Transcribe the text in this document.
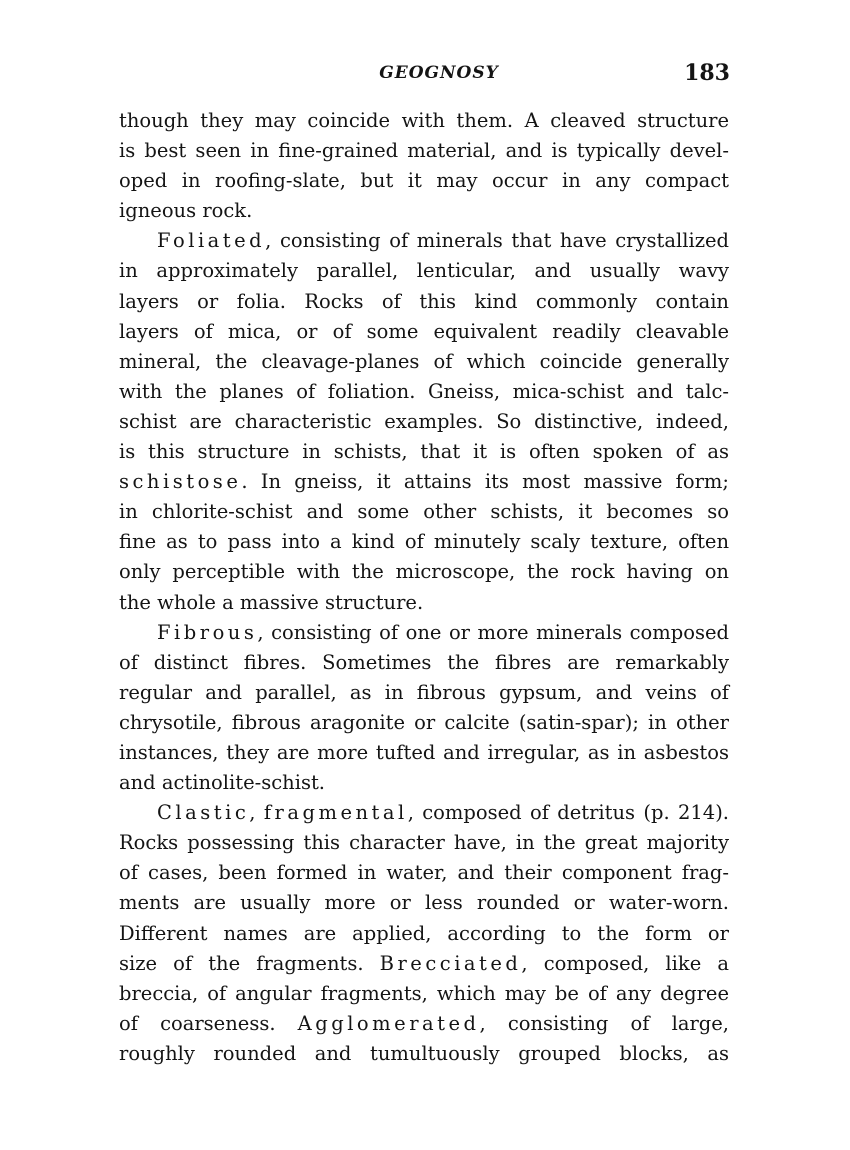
GEOGNOSY	183
though they may coincide with them. A cleaved structure
is best seen in fine-grained material, and is typically devel-
oped in roofing-slate, but it may occur in any compact
igneous rock.
Foliated, consisting of minerals that have crystallized
in approximately parallel, lenticular, and usually wavy
layers or folia. Rocks of this kind commonly contain
layers of mica, or of some equivalent readily cleavable
mineral, the cleavage-planes of which coincide generally
with the planes of foliation. Gneiss, mica-schist and talc-
schist are characteristic examples. So distinctive, indeed,
is this structure in schists, that it is often spoken of as
schistose. In gneiss, it attains its most massive form;
in chlorite-schist and some other schists, it becomes so
fine as to pass into a kind of minutely scaly texture, often
only perceptible with the microscope, the rock having on
the whole a massive structure.
Fibrous, consisting of one or more minerals composed
of distinct fibres. Sometimes the fibres are remarkably
regular and parallel, as in fibrous gypsum, and veins of
chrysotile, fibrous aragonite or calcite (satin-spar); in other
instances, they are more tufted and irregular, as in asbestos
and actinolite-schist.
Clastic, fragmental, composed of detritus (p. 214).
Rocks possessing this character have, in the great majority
of cases, been formed in water, and their component frag-
ments are usually more or less rounded or water-worn.
Different names are applied, according to the form or
size of the fragments. Brecciated, composed, like a
breccia, of angular fragments, which may be of any degree
of coarseness. Agglomerated, consisting of large,
roughly rounded and tumultuously grouped blocks, as
